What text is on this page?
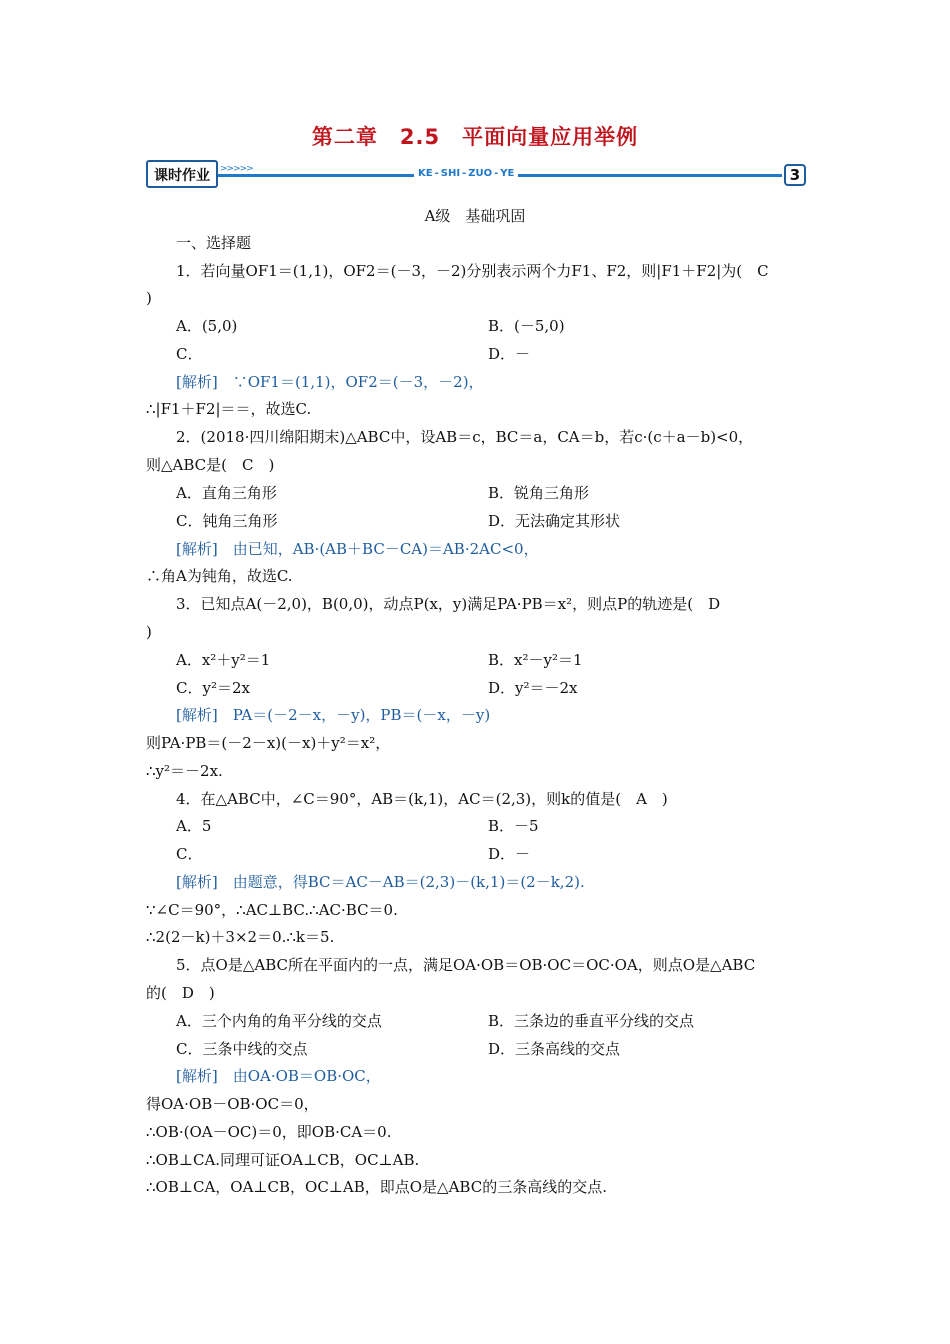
第二章　2.5　平面向量应用举例
课时作业	>>>>>	KE - SHI - ZUO - YE	3
A级　基础巩固
一、选择题
1．若向量OF1＝(1,1)，OF2＝(－3，－2)分别表示两个力F1、F2，则|F1＋F2|为(　C
)
A．(5,0)	B．(－5,0)
C．	D．－
[解析]　∵OF1＝(1,1)，OF2＝(－3，－2)，
∴|F1＋F2|＝＝，故选C.
2．(2018·四川绵阳期末)△ABC中，设AB＝c，BC＝a，CA＝b，若c·(c＋a－b)<0，
则△ABC是(　C　)
A．直角三角形	B．锐角三角形
C．钝角三角形	D．无法确定其形状
[解析]　由已知，AB·(AB＋BC－CA)＝AB·2AC<0，
∴角A为钝角，故选C.
3．已知点A(－2,0)，B(0,0)，动点P(x，y)满足PA·PB＝x²，则点P的轨迹是(　D
)
A．x²＋y²＝1	B．x²－y²＝1
C．y²＝2x	D．y²＝－2x
[解析]　PA＝(－2－x，－y)，PB＝(－x，－y)
则PA·PB＝(－2－x)(－x)＋y²＝x²，
∴y²＝－2x.
4．在△ABC中，∠C＝90°，AB＝(k,1)，AC＝(2,3)，则k的值是(　A　)
A．5	B．－5
C．	D．－
[解析]　由题意，得BC＝AC－AB＝(2,3)－(k,1)＝(2－k,2).
∵∠C＝90°，∴AC⊥BC.∴AC·BC＝0.
∴2(2－k)＋3×2＝0.∴k＝5.
5．点O是△ABC所在平面内的一点，满足OA·OB＝OB·OC＝OC·OA，则点O是△ABC
的(　D　)
A．三个内角的角平分线的交点	B．三条边的垂直平分线的交点
C．三条中线的交点	D．三条高线的交点
[解析]　由OA·OB＝OB·OC，
得OA·OB－OB·OC＝0，
∴OB·(OA－OC)＝0，即OB·CA＝0.
∴OB⊥CA.同理可证OA⊥CB，OC⊥AB.
∴OB⊥CA，OA⊥CB，OC⊥AB，即点O是△ABC的三条高线的交点.
